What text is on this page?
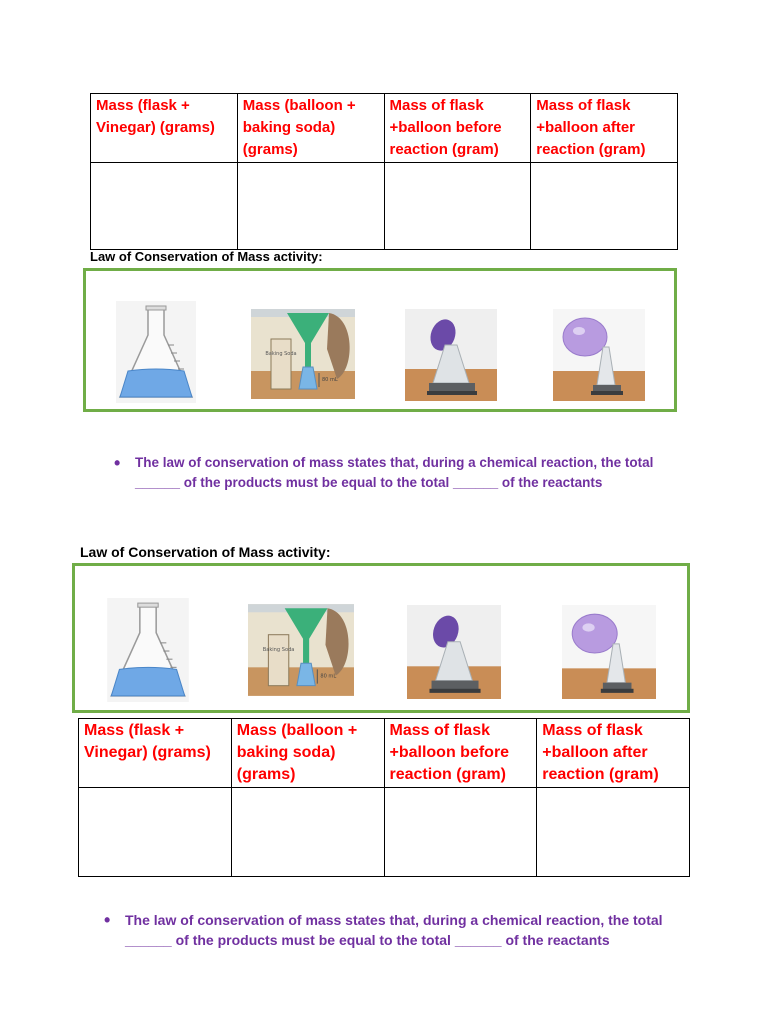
Mass (flask + Vinegar) (grams)	Mass (balloon + baking soda) (grams)	Mass of flask +balloon before reaction (gram)	Mass of flask +balloon after reaction (gram)

Law of Conservation of Mass activity:
Baking Soda
80 mL
• The law of conservation of mass states that, during a chemical reaction, the total
______ of the products must be equal to the total ______ of the reactants
Law of Conservation of Mass activity:
Baking Soda
80 mL
Mass (flask + Vinegar) (grams)	Mass (balloon + baking soda) (grams)	Mass of flask +balloon before reaction (gram)	Mass of flask +balloon after reaction (gram)

• The law of conservation of mass states that, during a chemical reaction, the total
______ of the products must be equal to the total ______ of the reactants
